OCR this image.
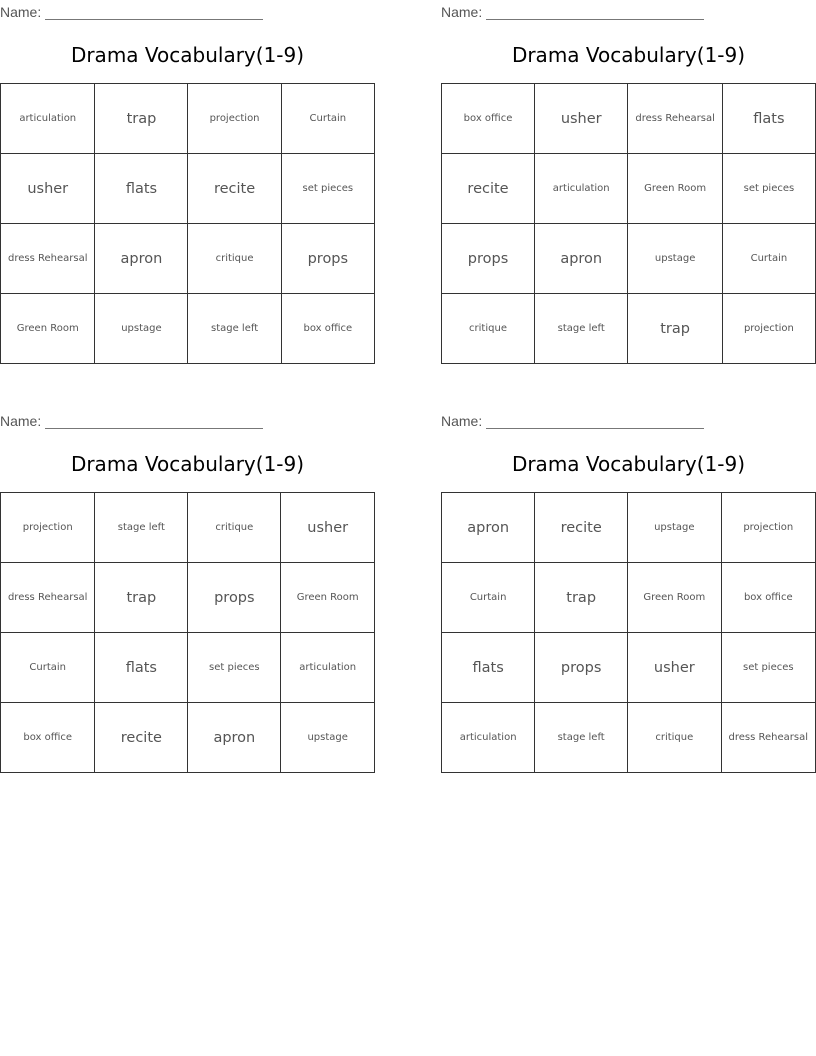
Name:
Drama Vocabulary(1-9)
articulation	trap	projection	Curtain
usher	flats	recite	set pieces
dress Rehearsal	apron	critique	props
Green Room	upstage	stage left	box office
Name:
Drama Vocabulary(1-9)
box office	usher	dress Rehearsal	flats
recite	articulation	Green Room	set pieces
props	apron	upstage	Curtain
critique	stage left	trap	projection
Name:
Drama Vocabulary(1-9)
projection	stage left	critique	usher
dress Rehearsal	trap	props	Green Room
Curtain	flats	set pieces	articulation
box office	recite	apron	upstage
Name:
Drama Vocabulary(1-9)
apron	recite	upstage	projection
Curtain	trap	Green Room	box office
flats	props	usher	set pieces
articulation	stage left	critique	dress Rehearsal
